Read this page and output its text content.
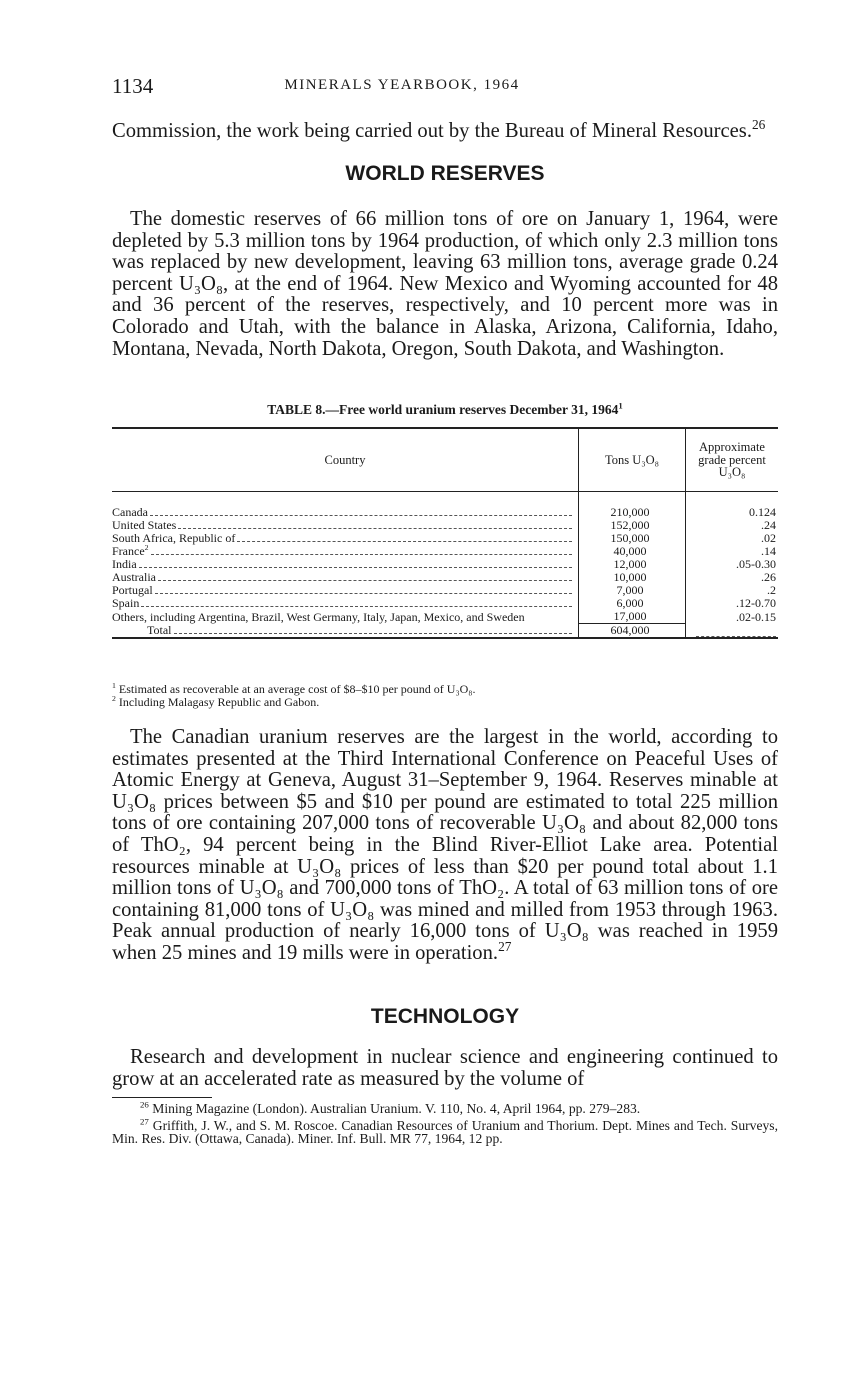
1134	MINERALS YEARBOOK, 1964

Commission, the work being carried out by the Bureau of Mineral Resources.$^{26}$

WORLD RESERVES

The domestic reserves of 66 million tons of ore on January 1, 1964, were depleted by 5.3 million tons by 1964 production, of which only 2.3 million tons was replaced by new development, leaving 63 million tons, average grade 0.24 percent U₃O₈, at the end of 1964. New Mexico and Wyoming accounted for 48 and 36 percent of the reserves, respectively, and 10 percent more was in Colorado and Utah, with the balance in Alaska, Arizona, California, Idaho, Montana, Nevada, North Dakota, Oregon, South Dakota, and Washington.

TABLE 8.—Free world uranium reserves December 31, 1964$^1$
Country	Tons U₃O₈	Approximate grade percent U₃O₈

Canada	210,000	0.124

United States	152,000	.24

South Africa, Republic of	150,000	.02

France$^2$	40,000	.14

India	12,000	.05-0.30

Australia	10,000	.26

Portugal	7,000	.2

Spain	6,000	.12-0.70

Others, including Argentina, Brazil, West Germany, Italy, Japan, Mexico, and Sweden	17,000	.02-0.15

Total	604,000	
$^1$ Estimated as recoverable at an average cost of $8–$10 per pound of U₃O₈.
$^2$ Including Malagasy Republic and Gabon.

The Canadian uranium reserves are the largest in the world, according to estimates presented at the Third International Conference on Peaceful Uses of Atomic Energy at Geneva, August 31–September 9, 1964. Reserves minable at U₃O₈ prices between $5 and $10 per pound are estimated to total 225 million tons of ore containing 207,000 tons of recoverable U₃O₈ and about 82,000 tons of ThO₂, 94 percent being in the Blind River-Elliot Lake area. Potential resources minable at U₃O₈ prices of less than $20 per pound total about 1.1 million tons of U₃O₈ and 700,000 tons of ThO₂. A total of 63 million tons of ore containing 81,000 tons of U₃O₈ was mined and milled from 1953 through 1963. Peak annual production of nearly 16,000 tons of U₃O₈ was reached in 1959 when 25 mines and 19 mills were in operation.$^{27}$

TECHNOLOGY

Research and development in nuclear science and engineering continued to grow at an accelerated rate as measured by the volume of

$^{26}$ Mining Magazine (London). Australian Uranium. V. 110, No. 4, April 1964, pp. 279–283.
$^{27}$ Griffith, J. W., and S. M. Roscoe. Canadian Resources of Uranium and Thorium. Dept. Mines and Tech. Surveys, Min. Res. Div. (Ottawa, Canada). Miner. Inf. Bull. MR 77, 1964, 12 pp.
